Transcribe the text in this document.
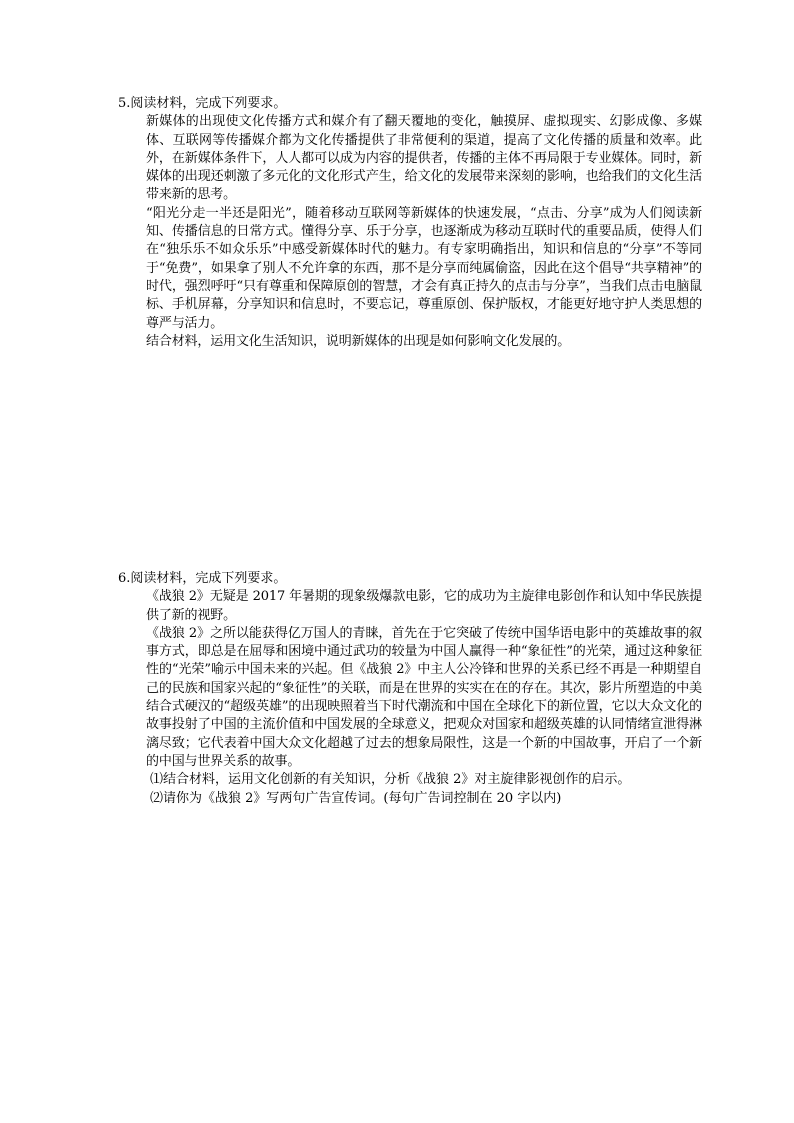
5.阅读材料，完成下列要求。

新媒体的出现使文化传播方式和媒介有了翻天覆地的变化，触摸屏、虚拟现实、幻影成像、多媒体、互联网等传播媒介都为文化传播提供了非常便利的渠道，提高了文化传播的质量和效率。此外，在新媒体条件下，人人都可以成为内容的提供者，传播的主体不再局限于专业媒体。同时，新媒体的出现还刺激了多元化的文化形式产生，给文化的发展带来深刻的影响，也给我们的文化生活带来新的思考。

“阳光分走一半还是阳光”，随着移动互联网等新媒体的快速发展，“点击、分享”成为人们阅读新知、传播信息的日常方式。懂得分享、乐于分享，也逐渐成为移动互联时代的重要品质，使得人们在“独乐乐不如众乐乐”中感受新媒体时代的魅力。有专家明确指出，知识和信息的“分享”不等同于“免费”，如果拿了别人不允许拿的东西，那不是分享而纯属偷盗，因此在这个倡导“共享精神”的时代，强烈呼吁“只有尊重和保障原创的智慧，才会有真正持久的点击与分享”，当我们点击电脑鼠标、手机屏幕，分享知识和信息时，不要忘记，尊重原创、保护版权，才能更好地守护人类思想的尊严与活力。

结合材料，运用文化生活知识，说明新媒体的出现是如何影响文化发展的。

6.阅读材料，完成下列要求。

《战狼 2》无疑是 2017 年暑期的现象级爆款电影，它的成功为主旋律电影创作和认知中华民族提供了新的视野。

《战狼 2》之所以能获得亿万国人的青睐，首先在于它突破了传统中国华语电影中的英雄故事的叙事方式，即总是在屈辱和困境中通过武功的较量为中国人赢得一种“象征性”的光荣，通过这种象征性的“光荣”喻示中国未来的兴起。但《战狼 2》中主人公冷锋和世界的关系已经不再是一种期望自己的民族和国家兴起的“象征性”的关联，而是在世界的实实在在的存在。其次，影片所塑造的中美结合式硬汉的“超级英雄”的出现映照着当下时代潮流和中国在全球化下的新位置，它以大众文化的故事投射了中国的主流价值和中国发展的全球意义，把观众对国家和超级英雄的认同情绪宣泄得淋漓尽致；它代表着中国大众文化超越了过去的想象局限性，这是一个新的中国故事，开启了一个新的中国与世界关系的故事。

⑴结合材料，运用文化创新的有关知识，分析《战狼 2》对主旋律影视创作的启示。

⑵请你为《战狼 2》写两句广告宣传词。(每句广告词控制在 20 字以内)
